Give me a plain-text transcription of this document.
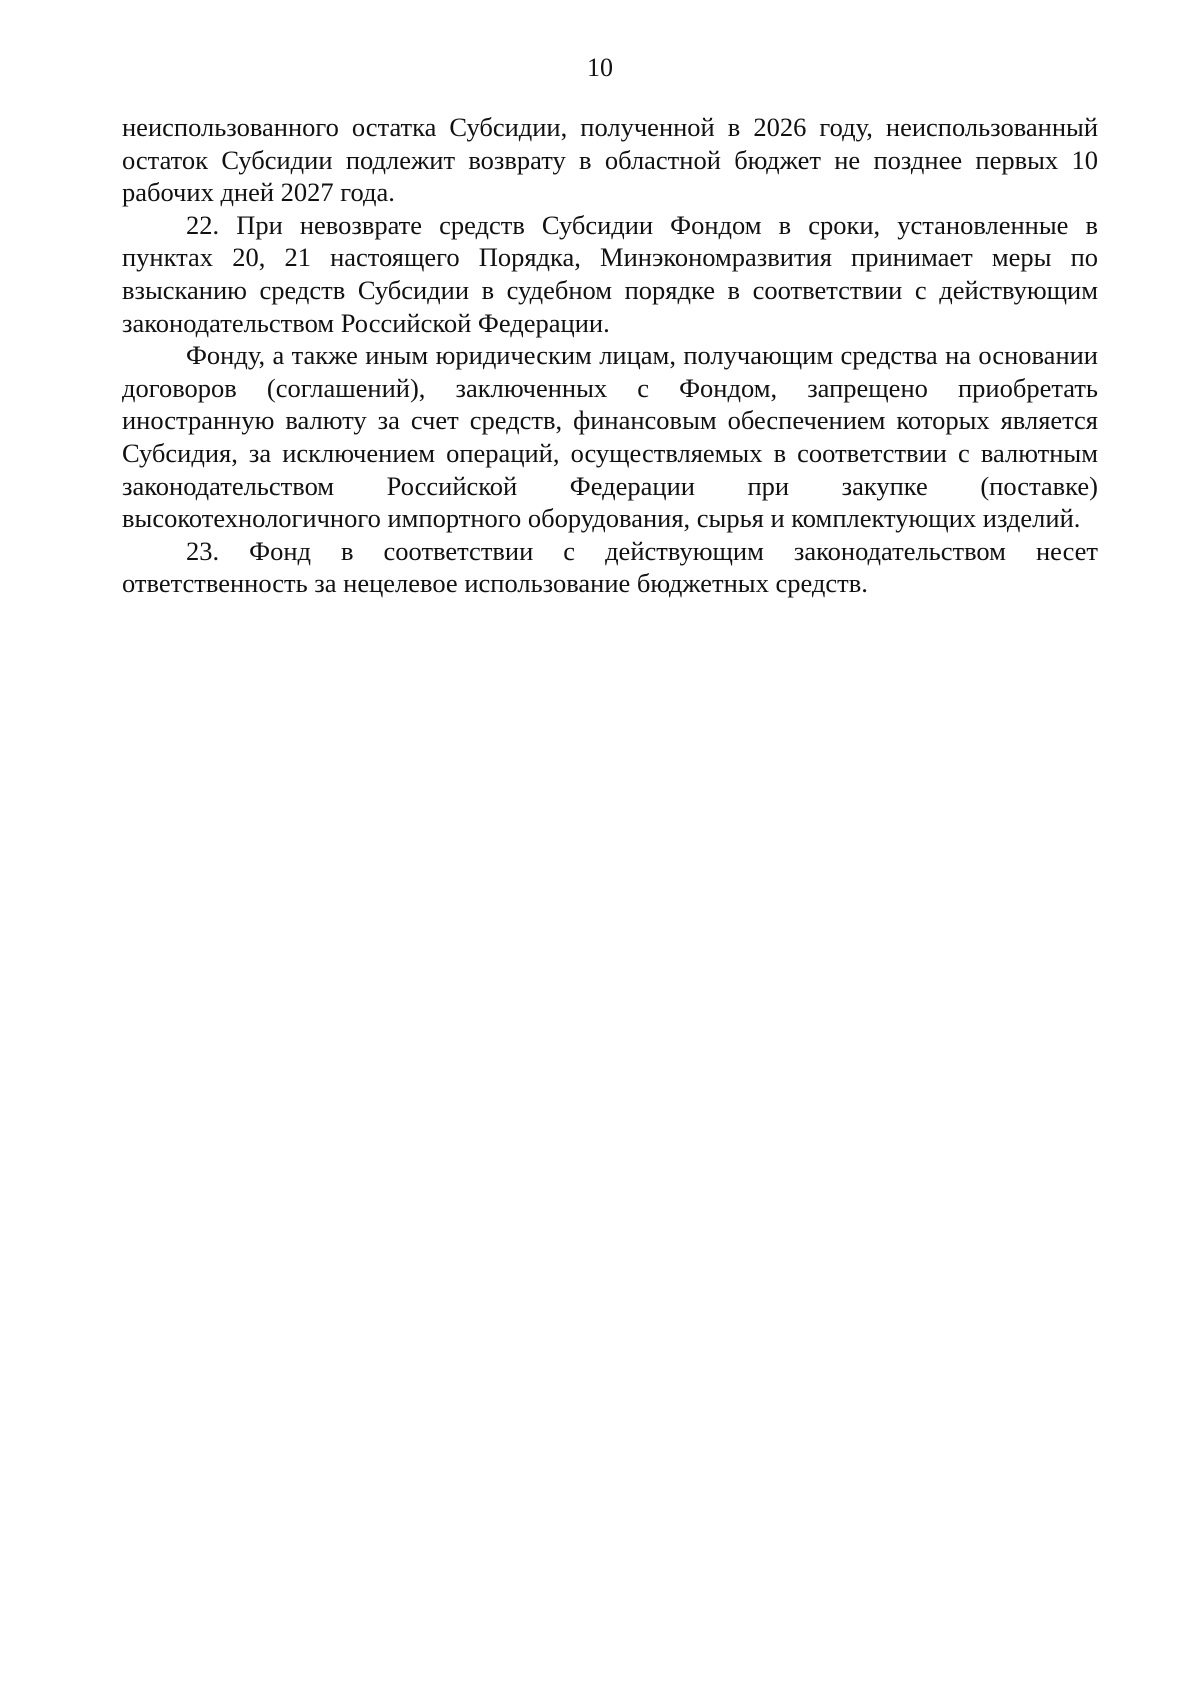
10

неиспользованного остатка Субсидии, полученной в 2026 году, неиспользованный остаток Субсидии подлежит возврату в областной бюджет не позднее первых 10 рабочих дней 2027 года.

22. При невозврате средств Субсидии Фондом в сроки, установленные в пунктах 20, 21 настоящего Порядка, Минэкономразвития принимает меры по взысканию средств Субсидии в судебном порядке в соответствии с действующим законодательством Российской Федерации.

Фонду, а также иным юридическим лицам, получающим средства на основании договоров (соглашений), заключенных с Фондом, запрещено приобретать иностранную валюту за счет средств, финансовым обеспечением которых является Субсидия, за исключением операций, осуществляемых в соответствии с валютным законодательством Российской Федерации при закупке (поставке) высокотехнологичного импортного оборудования, сырья и комплектующих изделий.

23. Фонд в соответствии с действующим законодательством несет ответственность за нецелевое использование бюджетных средств.
